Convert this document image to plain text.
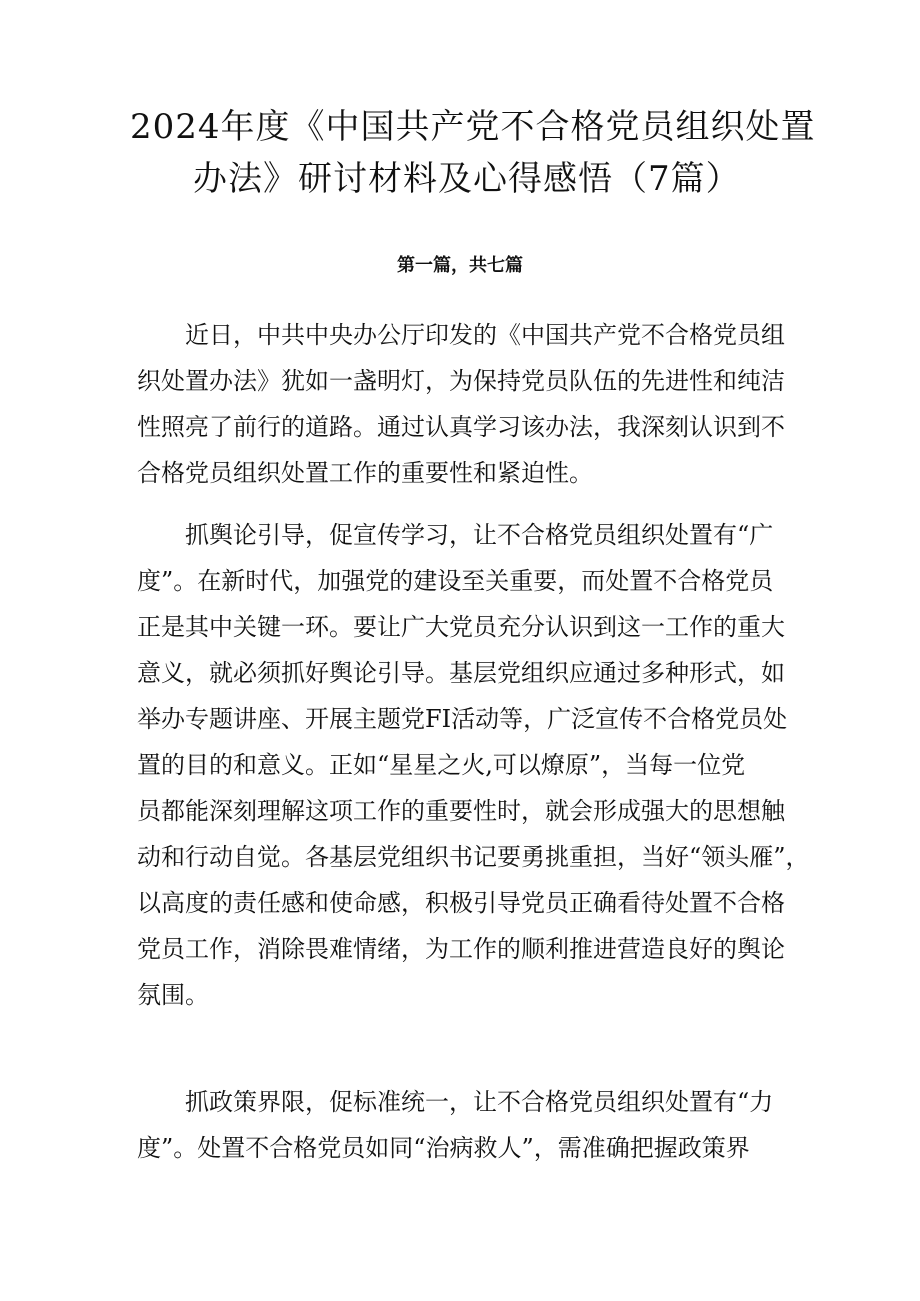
2024年度《中国共产党不合格党员组织处置
办法》研讨材料及心得感悟（7篇）
第一篇，共七篇

近日，中共中央办公厅印发的《中国共产党不合格党员组
织处置办法》犹如一盏明灯，为保持党员队伍的先进性和纯洁
性照亮了前行的道路。通过认真学习该办法，我深刻认识到不
合格党员组织处置工作的重要性和紧迫性。

抓舆论引导，促宣传学习，让不合格党员组织处置有“广
度”。在新时代，加强党的建设至关重要，而处置不合格党员
正是其中关键一环。要让广大党员充分认识到这一工作的重大
意义，就必须抓好舆论引导。基层党组织应通过多种形式，如
举办专题讲座、开展主题党FI活动等，广泛宣传不合格党员处
置的目的和意义。正如“星星之火,可以燎原”，当每一位党
员都能深刻理解这项工作的重要性时，就会形成强大的思想触
动和行动自觉。各基层党组织书记要勇挑重担，当好“领头雁”，
以高度的责任感和使命感，积极引导党员正确看待处置不合格
党员工作，消除畏难情绪，为工作的顺利推进营造良好的舆论
氛围。

抓政策界限，促标准统一，让不合格党员组织处置有“力
度”。处置不合格党员如同“治病救人”，需准确把握政策界
